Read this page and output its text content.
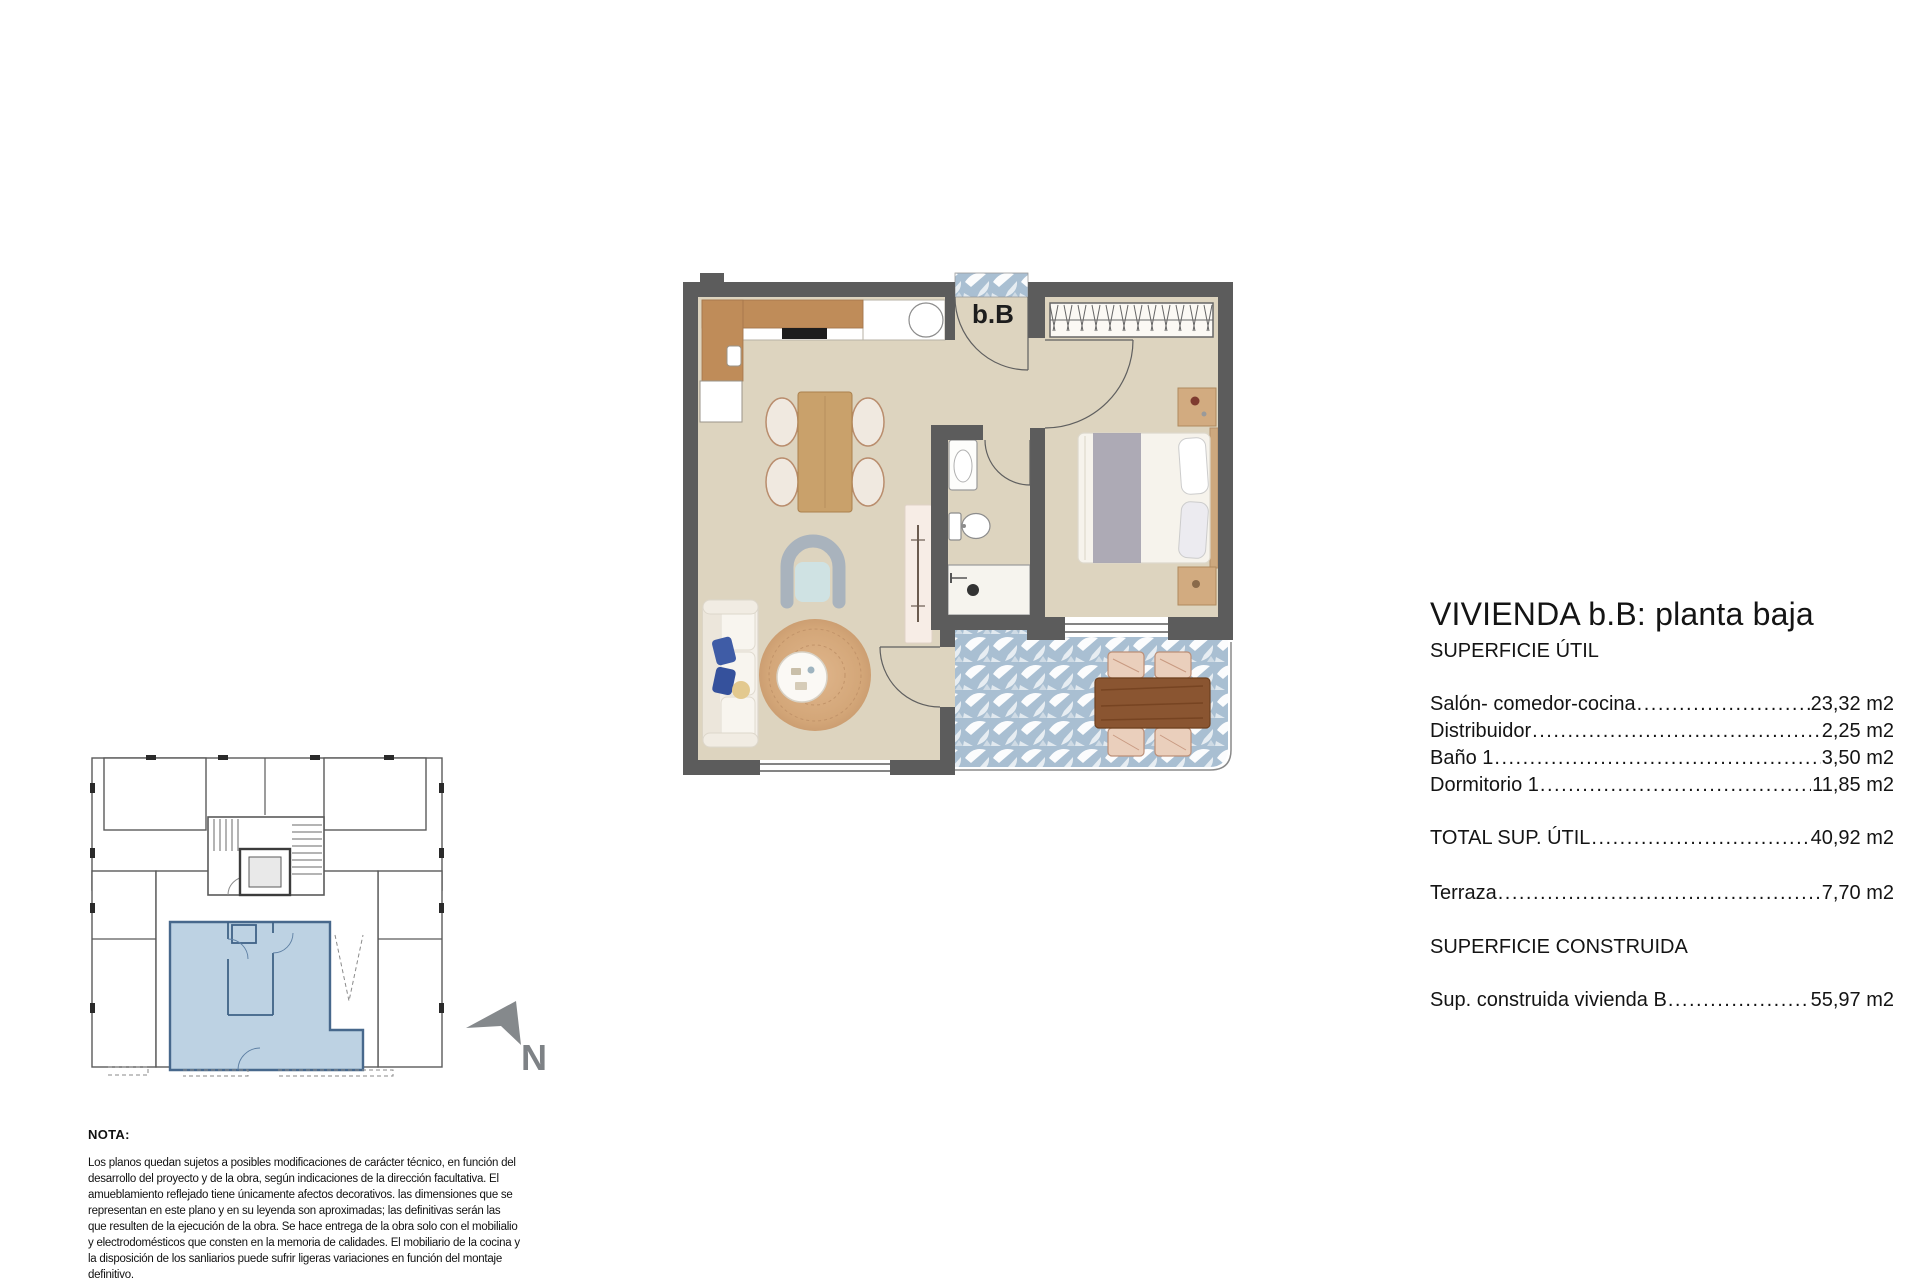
b.B
N
VIVIENDA b.B: planta baja
SUPERFICIE ÚTIL
Salón- comedor-cocina .....	23,32 m2
Distribuidor .....	2,25 m2
Baño 1 .....	3,50 m2
Dormitorio 1 .....	11,85 m2
TOTAL SUP. ÚTIL .....	40,92 m2
Terraza .....	7,70 m2
SUPERFICIE CONSTRUIDA
Sup. construida vivienda B .....	55,97 m2
NOTA:
Los planos quedan sujetos a posibles modificaciones de carácter técnico, en función del desarrollo del proyecto y de la obra, según indicaciones de la dirección facultativa. El amueblamiento reflejado tiene únicamente afectos decorativos. las dimensiones que se representan en este plano y en su leyenda son aproximadas; las definitivas serán las que resulten de la ejecución de la obra. Se hace entrega de la obra solo con el mobilialio y electrodomésticos que consten en la memoria de calidades. El mobiliario de la cocina y la disposición de los sanliarios puede sufrir ligeras variaciones en función del montaje definitivo.
